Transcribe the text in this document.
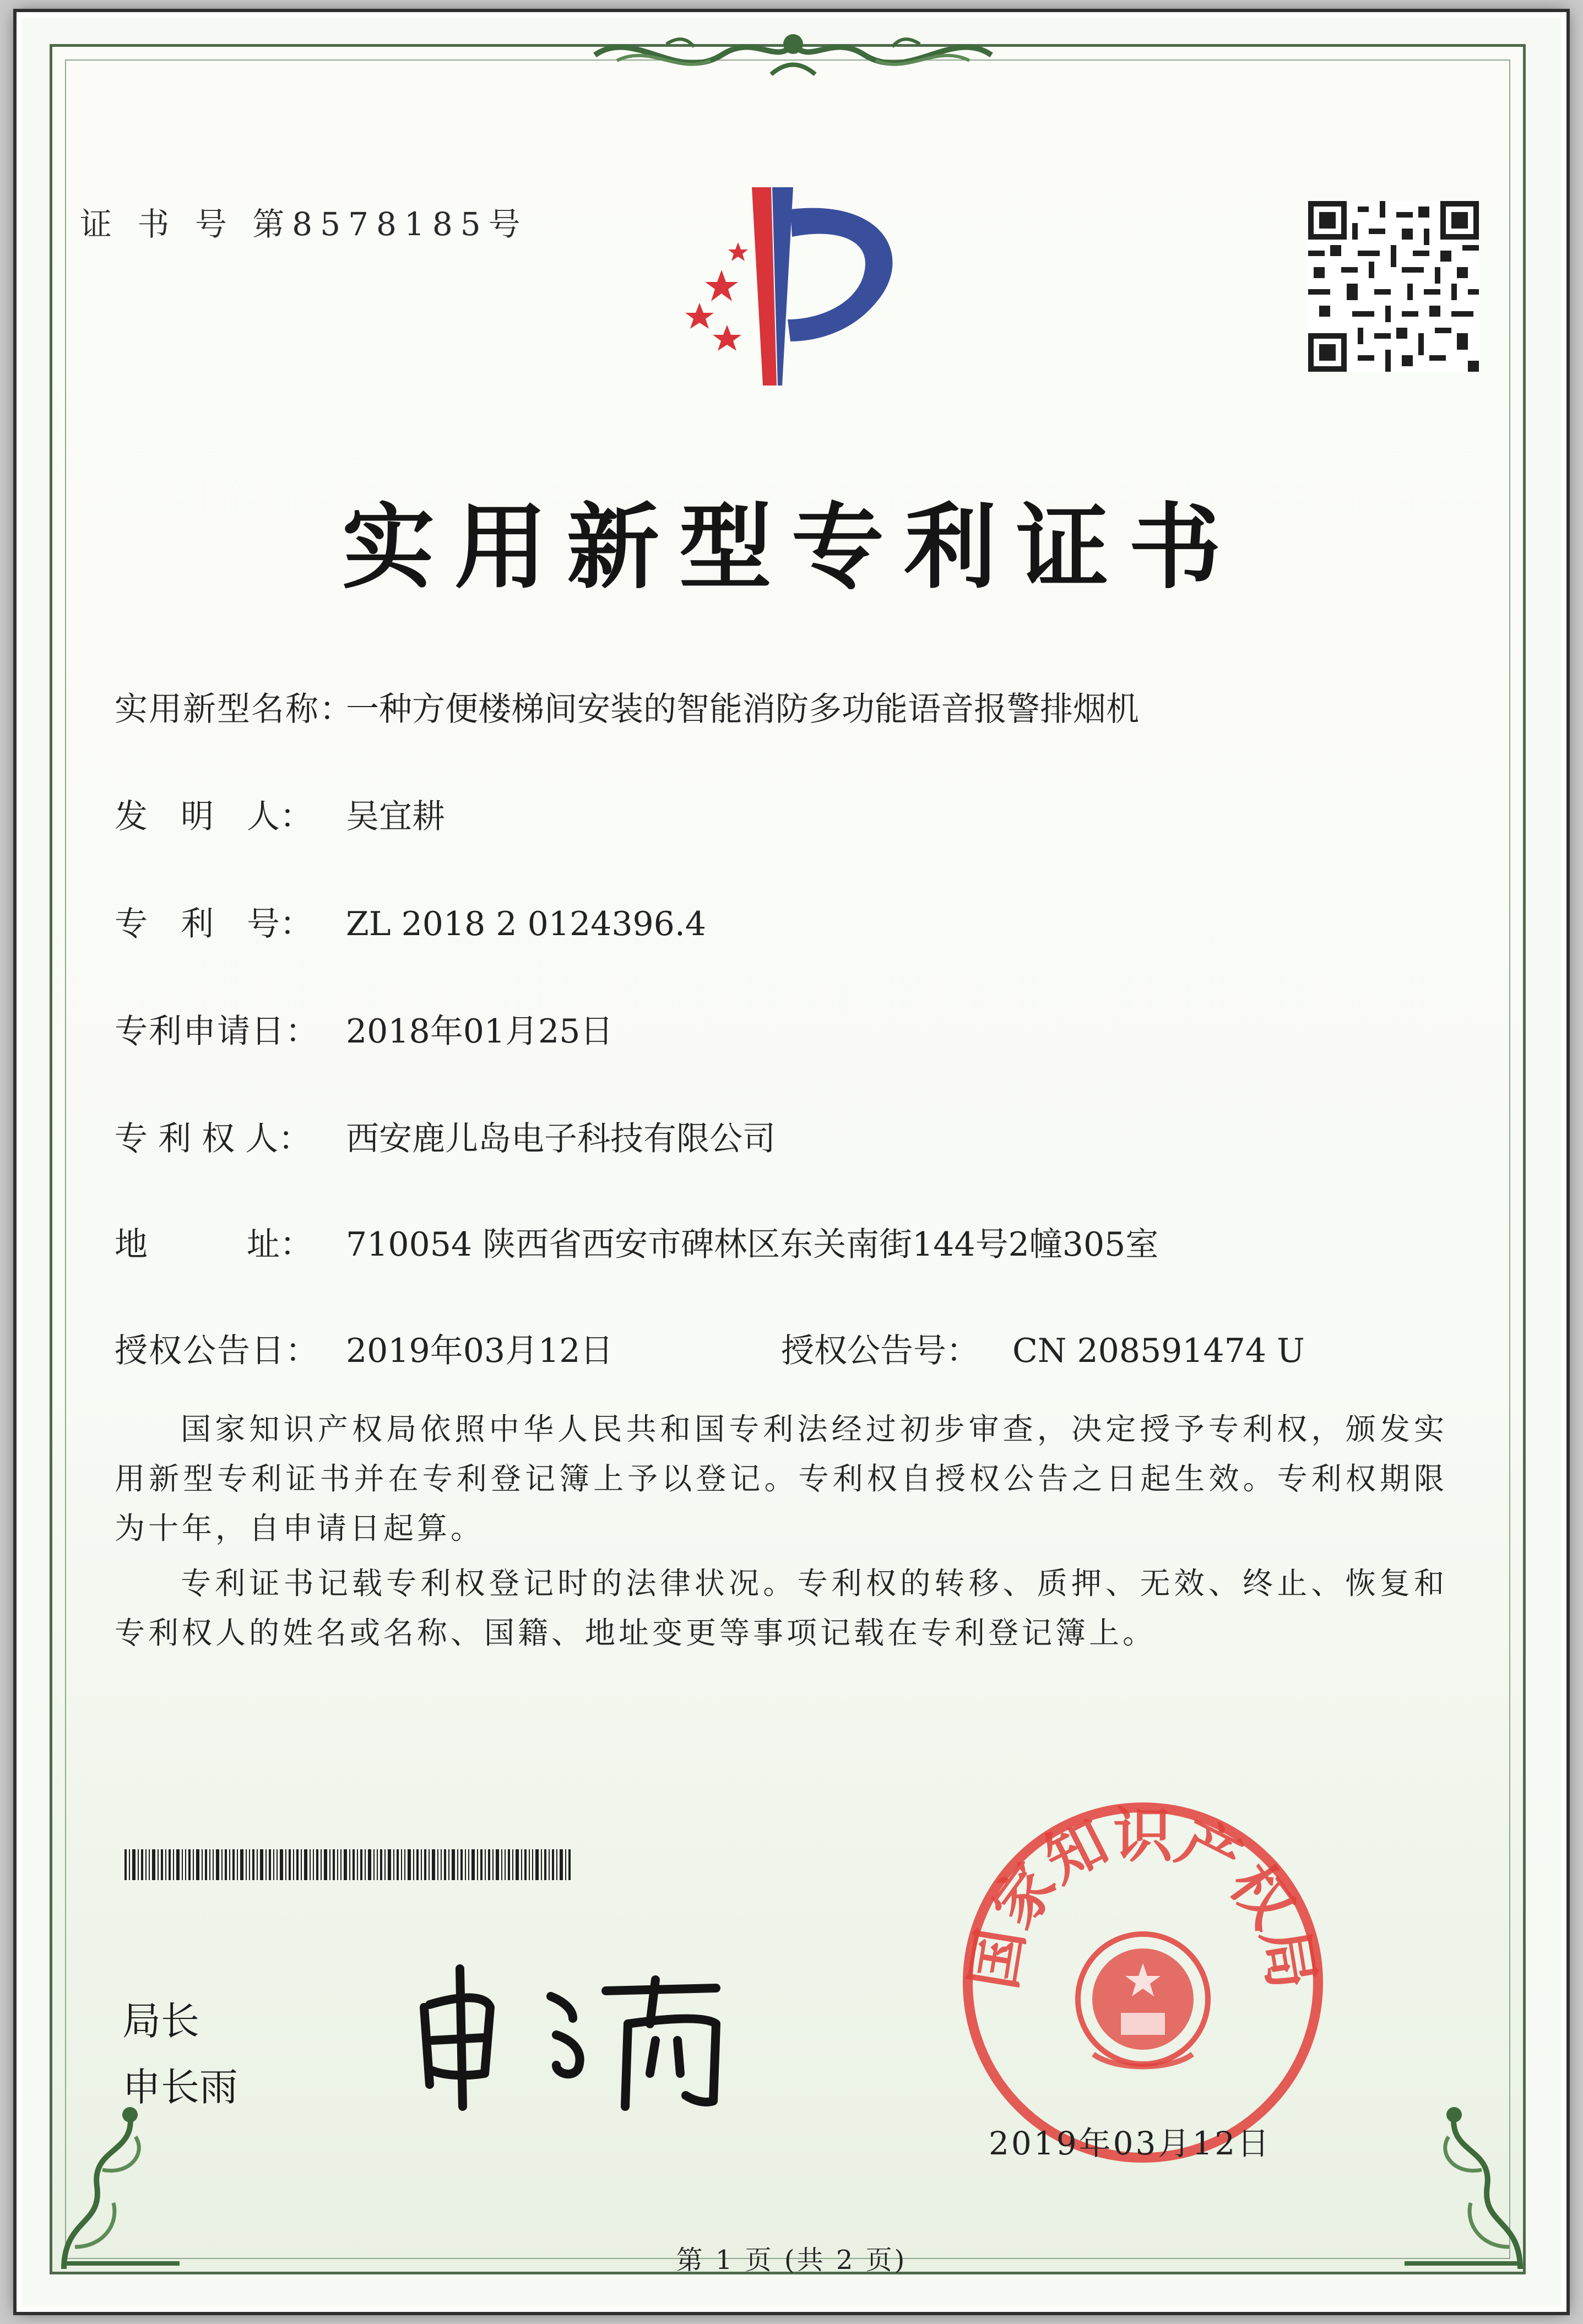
证 书 号 第8578185号
实用新型专利证书
实用新型名称：一种方便楼梯间安装的智能消防多功能语音报警排烟机
发　明　人： 吴宜耕
专　利　号： ZL 2018 2 0124396.4
专利申请日： 2018年01月25日
专 利 权 人： 西安鹿儿岛电子科技有限公司
地　　　址： 710054 陕西省西安市碑林区东关南街144号2幢305室
授权公告日： 2019年03月12日	授权公告号： CN 208591474 U
国家知识产权局依照中华人民共和国专利法经过初步审查，决定授予专利权，颁发实用新型专利证书并在专利登记簿上予以登记。专利权自授权公告之日起生效。专利权期限为十年，自申请日起算。
专利证书记载专利权登记时的法律状况。专利权的转移、质押、无效、终止、恢复和专利权人的姓名或名称、国籍、地址变更等事项记载在专利登记簿上。
局长
申长雨
国家知识产权局
2019年03月12日
第 1 页 (共 2 页)
